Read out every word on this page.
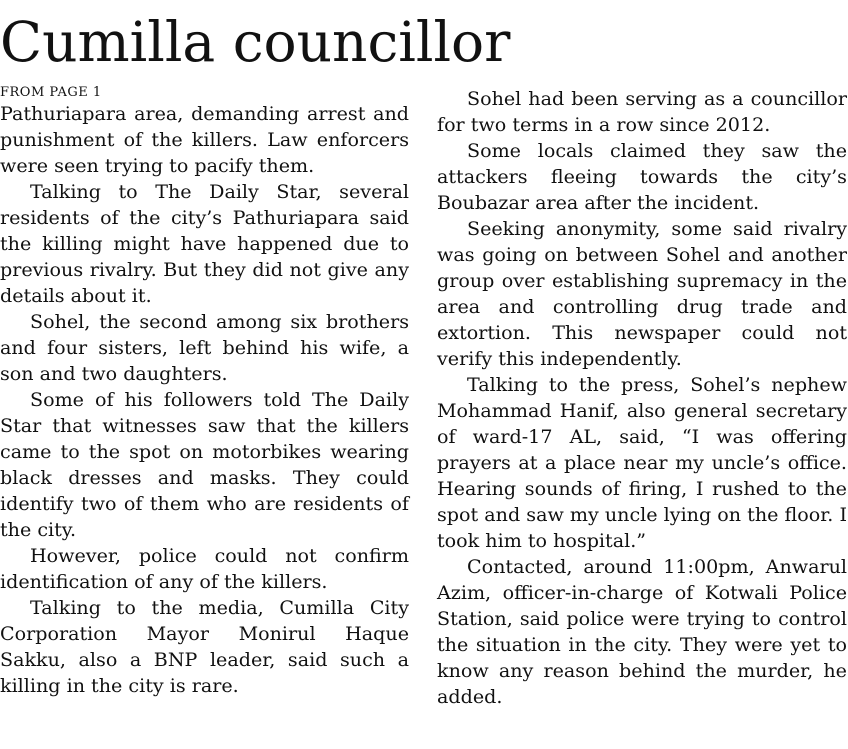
Cumilla councillor
FROM PAGE 1

Pathuriapara area, demanding arrest and punishment of the killers. Law enforcers were seen trying to pacify them.

Talking to The Daily Star, several residents of the city’s Pathuriapara said the killing might have happened due to previous rivalry. But they did not give any details about it.

Sohel, the second among six brothers and four sisters, left behind his wife, a son and two daughters.

Some of his followers told The Daily Star that witnesses saw that the killers came to the spot on motorbikes wearing black dresses and masks. They could identify two of them who are residents of the city.

However, police could not confirm identification of any of the killers.

Talking to the media, Cumilla City Corporation Mayor Monirul Haque Sakku, also a BNP leader, said such a killing in the city is rare.

Sohel had been serving as a councillor for two terms in a row since 2012.

Some locals claimed they saw the attackers fleeing towards the city’s Boubazar area after the incident.

Seeking anonymity, some said rivalry was going on between Sohel and another group over establishing supremacy in the area and controlling drug trade and extortion. This newspaper could not verify this independently.

Talking to the press, Sohel’s nephew Mohammad Hanif, also general secretary of ward-17 AL, said, “I was offering prayers at a place near my uncle’s office. Hearing sounds of firing, I rushed to the spot and saw my uncle lying on the floor. I took him to hospital.”

Contacted, around 11:00pm, Anwarul Azim, officer-in-charge of Kotwali Police Station, said police were trying to control the situation in the city. They were yet to know any reason behind the murder, he added.
